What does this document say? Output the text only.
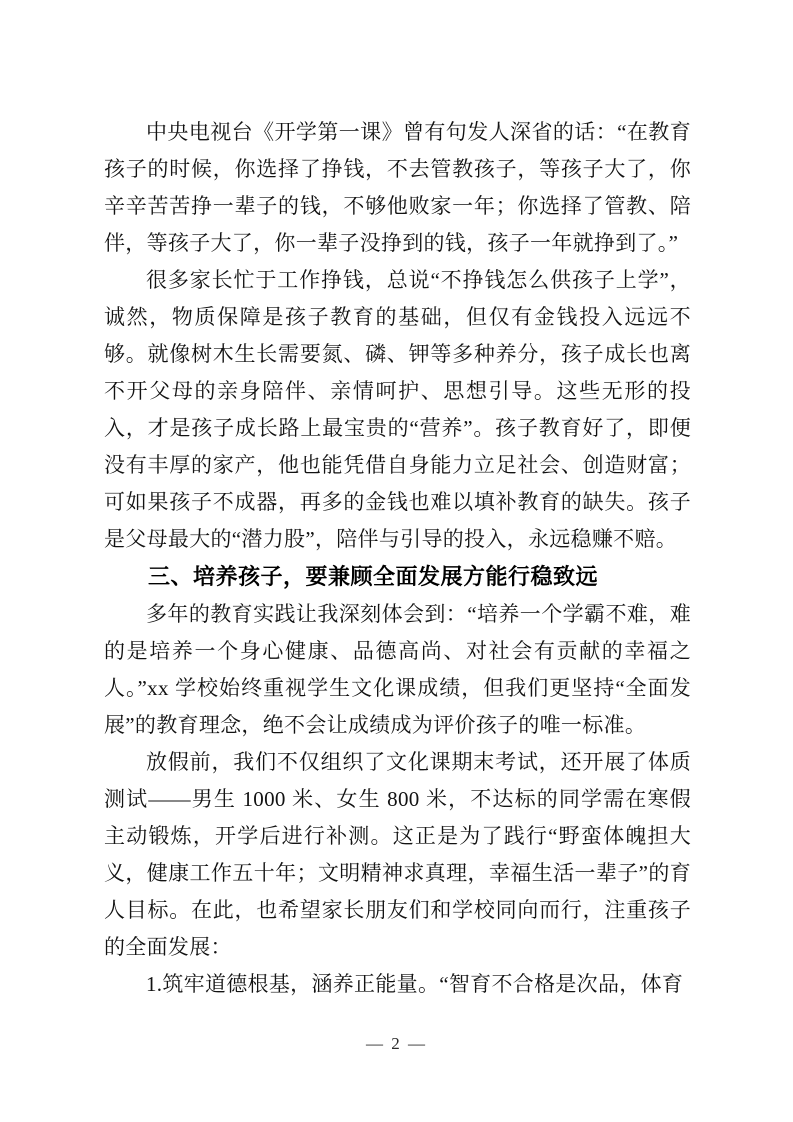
中央电视台《开学第一课》曾有句发人深省的话：“在教育孩子的时候，你选择了挣钱，不去管教孩子，等孩子大了，你辛辛苦苦挣一辈子的钱，不够他败家一年；你选择了管教、陪伴，等孩子大了，你一辈子没挣到的钱，孩子一年就挣到了。”

很多家长忙于工作挣钱，总说“不挣钱怎么供孩子上学”，诚然，物质保障是孩子教育的基础，但仅有金钱投入远远不够。就像树木生长需要氮、磷、钾等多种养分，孩子成长也离不开父母的亲身陪伴、亲情呵护、思想引导。这些无形的投入，才是孩子成长路上最宝贵的“营养”。孩子教育好了，即便没有丰厚的家产，他也能凭借自身能力立足社会、创造财富；可如果孩子不成器，再多的金钱也难以填补教育的缺失。孩子是父母最大的“潜力股”，陪伴与引导的投入，永远稳赚不赔。

三、培养孩子，要兼顾全面发展方能行稳致远

多年的教育实践让我深刻体会到：“培养一个学霸不难，难的是培养一个身心健康、品德高尚、对社会有贡献的幸福之人。”xx 学校始终重视学生文化课成绩，但我们更坚持“全面发展”的教育理念，绝不会让成绩成为评价孩子的唯一标准。

放假前，我们不仅组织了文化课期末考试，还开展了体质测试——男生 1000 米、女生 800 米，不达标的同学需在寒假主动锻炼，开学后进行补测。这正是为了践行“野蛮体魄担大义，健康工作五十年；文明精神求真理，幸福生活一辈子”的育人目标。在此，也希望家长朋友们和学校同向而行，注重孩子的全面发展：

1.筑牢道德根基，涵养正能量。“智育不合格是次品，体育

— 2 —
